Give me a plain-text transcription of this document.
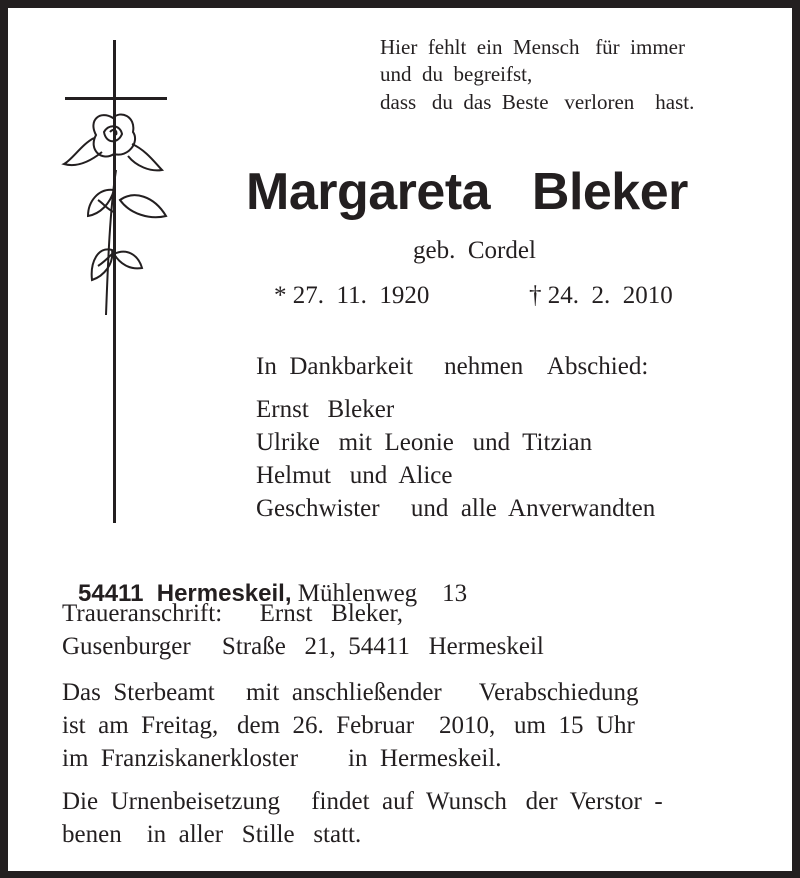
Hier  fehlt  ein  Mensch   für  immer
und  du  begreifst,
dass   du  das  Beste   verloren    hast.
Margareta   Bleker
geb.  Cordel
* 27.  11.  1920	† 24.  2.  2010
In  Dankbarkeit     nehmen    Abschied:
Ernst   Bleker
Ulrike   mit  Leonie   und  Titzian
Helmut   und  Alice
Geschwister     und  alle  Anverwandten

54411  Hermeskeil, Mühlenweg    13

Traueranschrift:      Ernst   Bleker,
Gusenburger     Straße   21,  54411   Hermeskeil
Das  Sterbeamt     mit  anschließender      Verabschiedung
ist  am  Freitag,   dem  26.  Februar    2010,   um  15  Uhr
im  Franziskanerkloster        in  Hermeskeil.
Die  Urnenbeisetzung     findet  auf  Wunsch   der  Verstor  -
benen    in  aller   Stille   statt.
